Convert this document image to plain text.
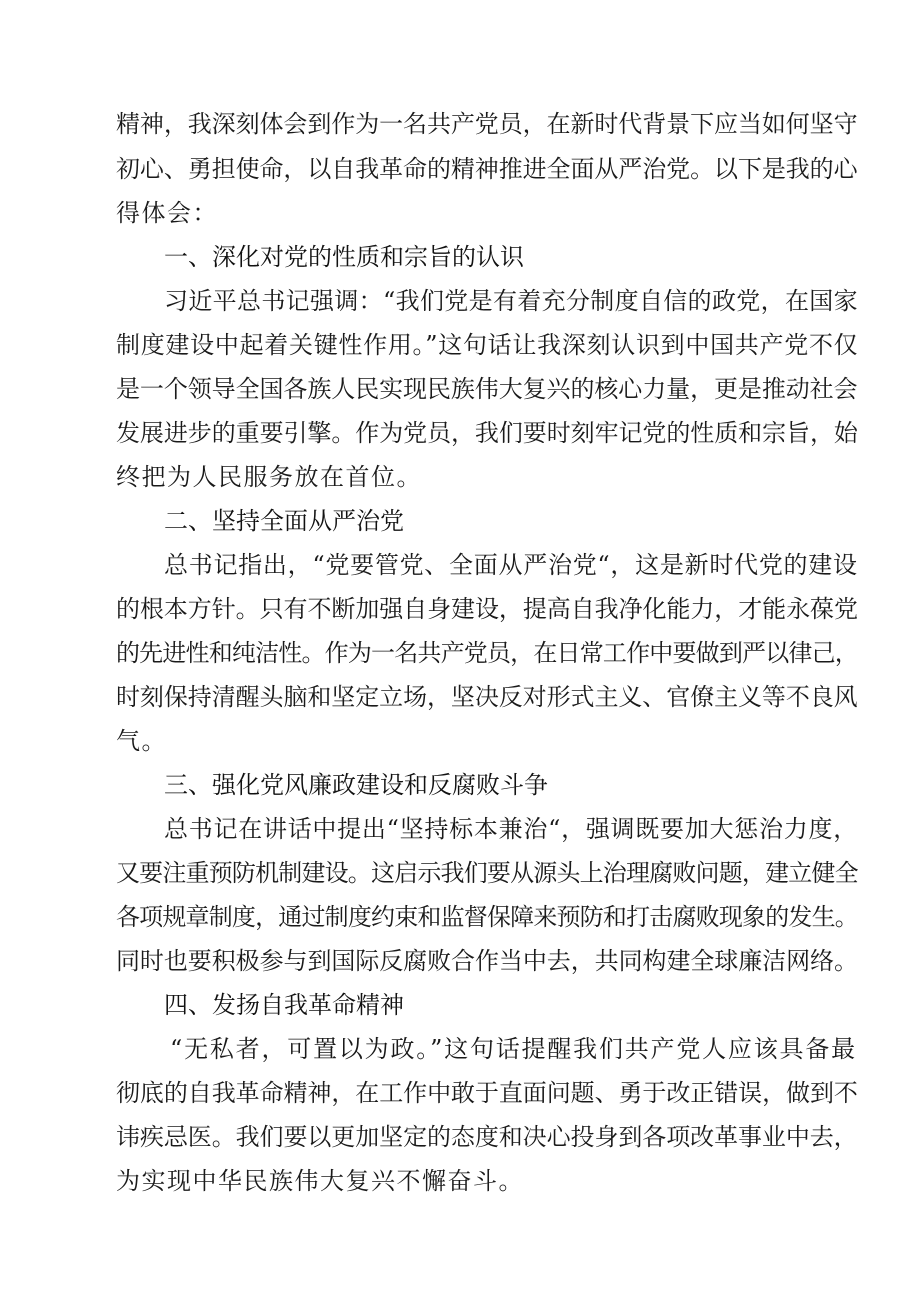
精神，我深刻体会到作为一名共产党员，在新时代背景下应当如何坚守
初心、勇担使命，以自我革命的精神推进全面从严治党。以下是我的心
得体会：
一、深化对党的性质和宗旨的认识
习近平总书记强调：“我们党是有着充分制度自信的政党，在国家
制度建设中起着关键性作用。”这句话让我深刻认识到中国共产党不仅
是一个领导全国各族人民实现民族伟大复兴的核心力量，更是推动社会
发展进步的重要引擎。作为党员，我们要时刻牢记党的性质和宗旨，始
终把为人民服务放在首位。
二、坚持全面从严治党
总书记指出，“党要管党、全面从严治党“，这是新时代党的建设
的根本方针。只有不断加强自身建设，提高自我净化能力，才能永葆党
的先进性和纯洁性。作为一名共产党员，在日常工作中要做到严以律己，
时刻保持清醒头脑和坚定立场，坚决反对形式主义、官僚主义等不良风
气。
三、强化党风廉政建设和反腐败斗争
总书记在讲话中提出“坚持标本兼治“，强调既要加大惩治力度，
又要注重预防机制建设。这启示我们要从源头上治理腐败问题，建立健全
各项规章制度，通过制度约束和监督保障来预防和打击腐败现象的发生。
同时也要积极参与到国际反腐败合作当中去，共同构建全球廉洁网络。
四、发扬自我革命精神
“无私者，可置以为政。”这句话提醒我们共产党人应该具备最
彻底的自我革命精神，在工作中敢于直面问题、勇于改正错误，做到不
讳疾忌医。我们要以更加坚定的态度和决心投身到各项改革事业中去，
为实现中华民族伟大复兴不懈奋斗。
